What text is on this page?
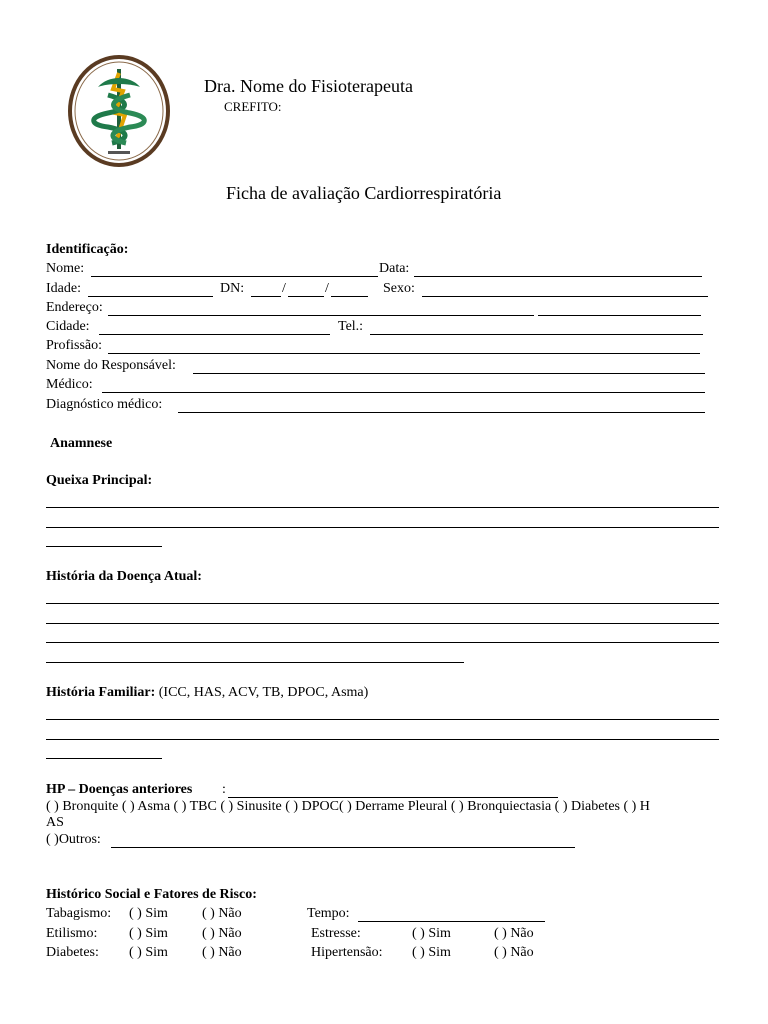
Dra. Nome do Fisioterapeuta
CREFITO:
Ficha de avaliação Cardiorrespiratória
Identificação:
Nome:	Data:
Idade:	DN:	/	/	Sexo:
Endereço:
Cidade:	Tel.:
Profissão:
Nome do Responsável:
Médico:
Diagnóstico médico:
Anamnese
Queixa Principal:
História da Doença Atual:
História Familiar: (ICC, HAS, ACV, TB, DPOC, Asma)
HP – Doenças anteriores :
( ) Bronquite ( ) Asma ( ) TBC ( ) Sinusite ( ) DPOC( ) Derrame Pleural ( ) Bronquiectasia ( ) Diabetes ( ) H
AS
( )Outros:
Histórico Social e Fatores de Risco:
Tabagismo: ( ) Sim ( ) Não	Tempo:
Etilismo: ( ) Sim ( ) Não	Estresse:	( ) Sim	( ) Não
Diabetes: ( ) Sim ( ) Não	Hipertensão: ( ) Sim	( ) Não
